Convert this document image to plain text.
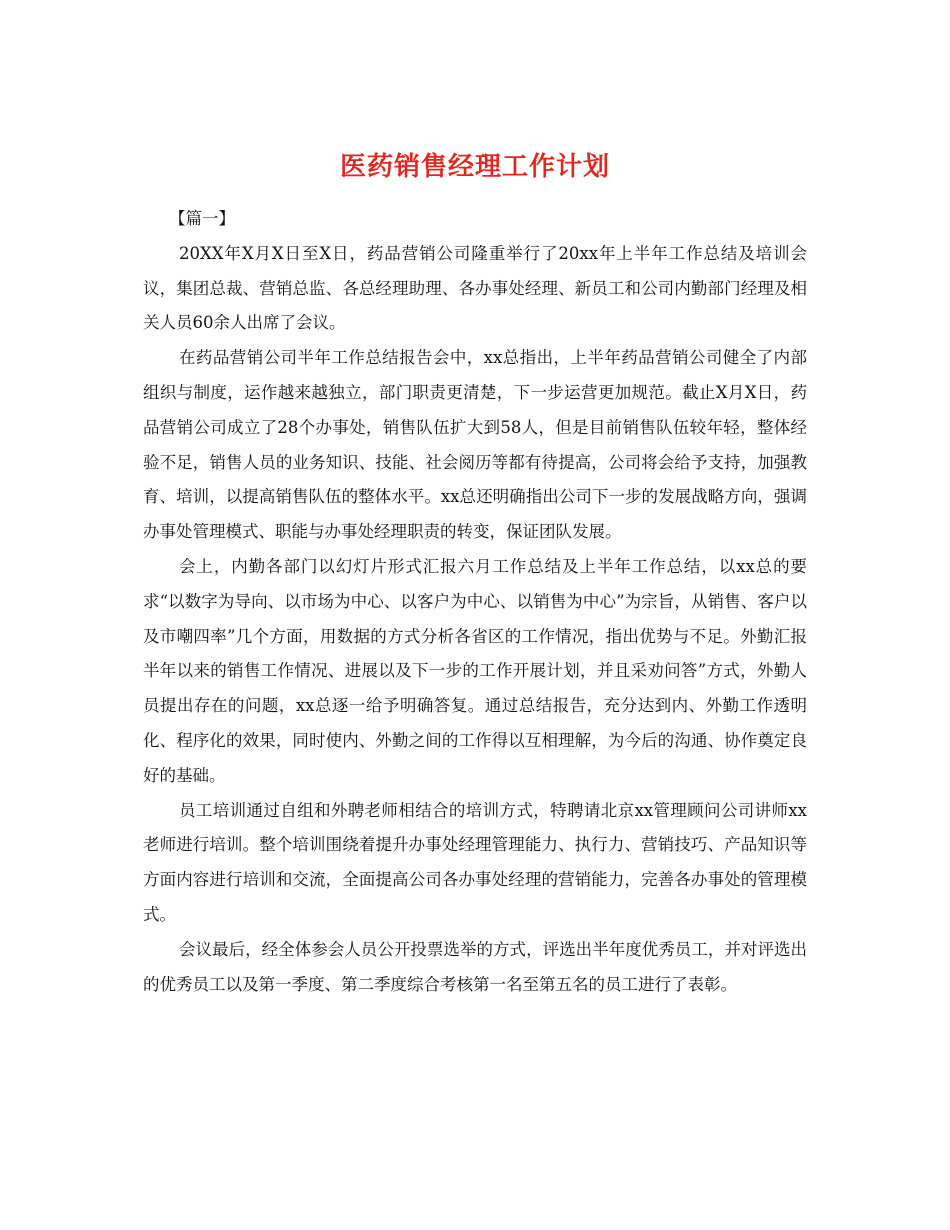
医药销售经理工作计划

【篇一】

20XX年X月X日至X日，药品营销公司隆重举行了20xx年上半年工作总结及培训会议，集团总裁、营销总监、各总经理助理、各办事处经理、新员工和公司内勤部门经理及相关人员60余人出席了会议。

在药品营销公司半年工作总结报告会中，xx总指出，上半年药品营销公司健全了内部组织与制度，运作越来越独立，部门职责更清楚，下一步运营更加规范。截止X月X日，药品营销公司成立了28个办事处，销售队伍扩大到58人，但是目前销售队伍较年轻，整体经验不足，销售人员的业务知识、技能、社会阅历等都有待提高，公司将会给予支持，加强教育、培训，以提高销售队伍的整体水平。xx总还明确指出公司下一步的发展战略方向，强调办事处管理模式、职能与办事处经理职责的转变，保证团队发展。

会上，内勤各部门以幻灯片形式汇报六月工作总结及上半年工作总结，以xx总的要求“以数字为导向、以市场为中心、以客户为中心、以销售为中心”为宗旨，从销售、客户以及市嘲四率”几个方面，用数据的方式分析各省区的工作情况，指出优势与不足。外勤汇报半年以来的销售工作情况、进展以及下一步的工作开展计划，并且采劝问答”方式，外勤人员提出存在的问题，xx总逐一给予明确答复。通过总结报告，充分达到内、外勤工作透明化、程序化的效果，同时使内、外勤之间的工作得以互相理解，为今后的沟通、协作奠定良好的基础。

员工培训通过自组和外聘老师相结合的培训方式，特聘请北京xx管理顾问公司讲师xx老师进行培训。整个培训围绕着提升办事处经理管理能力、执行力、营销技巧、产品知识等方面内容进行培训和交流，全面提高公司各办事处经理的营销能力，完善各办事处的管理模式。

会议最后，经全体参会人员公开投票选举的方式，评选出半年度优秀员工，并对评选出的优秀员工以及第一季度、第二季度综合考核第一名至第五名的员工进行了表彰。
